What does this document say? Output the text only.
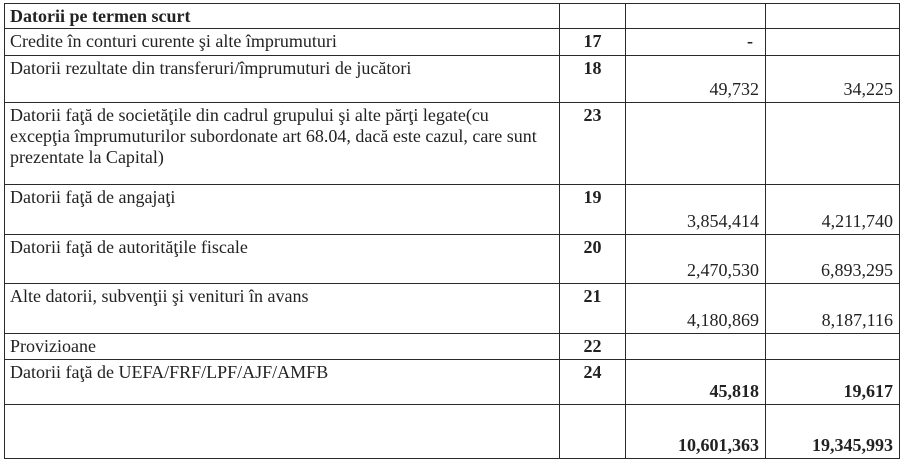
Datorii pe termen scurt			
Credite în conturi curente şi alte împrumuturi	17	-	
Datorii rezultate din transferuri/împrumuturi de jucători	18	49,732	34,225
Datorii faţă de societăţile din cadrul grupului şi alte părţi legate(cu excepţia împrumuturilor subordonate art 68.04, dacă este cazul, care sunt prezentate la Capital)	23		
Datorii faţă de angajaţi	19	3,854,414	4,211,740
Datorii faţă de autorităţile fiscale	20	2,470,530	6,893,295
Alte datorii, subvenţii şi venituri în avans	21	4,180,869	8,187,116
Provizioane	22		
Datorii faţă de UEFA/FRF/LPF/AJF/AMFB	24	45,818	19,617
		10,601,363	19,345,993
